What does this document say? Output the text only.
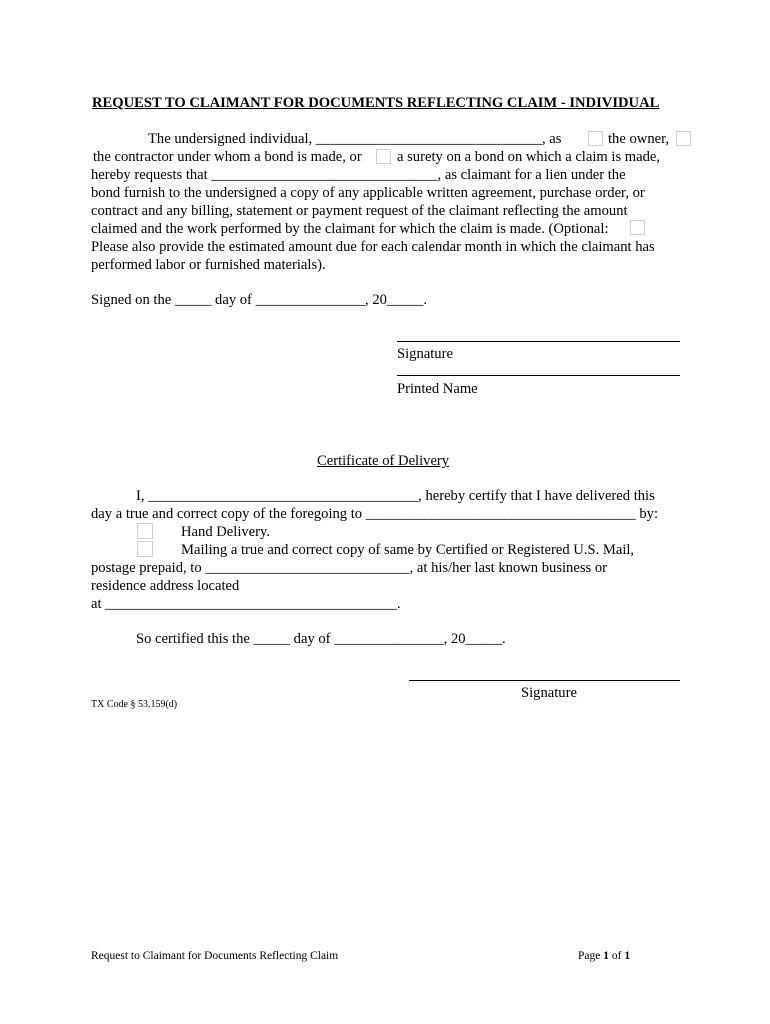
REQUEST TO CLAIMANT FOR DOCUMENTS REFLECTING CLAIM - INDIVIDUAL
The undersigned individual, _______________________________, as	the owner,
the contractor under whom a bond is made, or a surety on a bond on which a claim is made,
hereby requests that _______________________________, as claimant for a lien under the
bond furnish to the undersigned a copy of any applicable written agreement, purchase order, or
contract and any billing, statement or payment request of the claimant reflecting the amount
claimed and the work performed by the claimant for which the claim is made. (Optional:
Please also provide the estimated amount due for each calendar month in which the claimant has
performed labor or furnished materials).
Signed on the _____ day of _______________, 20_____.
Signature
Printed Name
Certificate of Delivery
I, _____________________________________, hereby certify that I have delivered this
day a true and correct copy of the foregoing to _____________________________________ by:
Hand Delivery.
Mailing a true and correct copy of same by Certified or Registered U.S. Mail,
postage prepaid, to ____________________________, at his/her last known business or
residence address located
at ________________________________________.
So certified this the _____ day of _______________, 20_____.
Signature
TX Code § 53.159(d)
Request to Claimant for Documents Reflecting Claim	Page 1 of 1
